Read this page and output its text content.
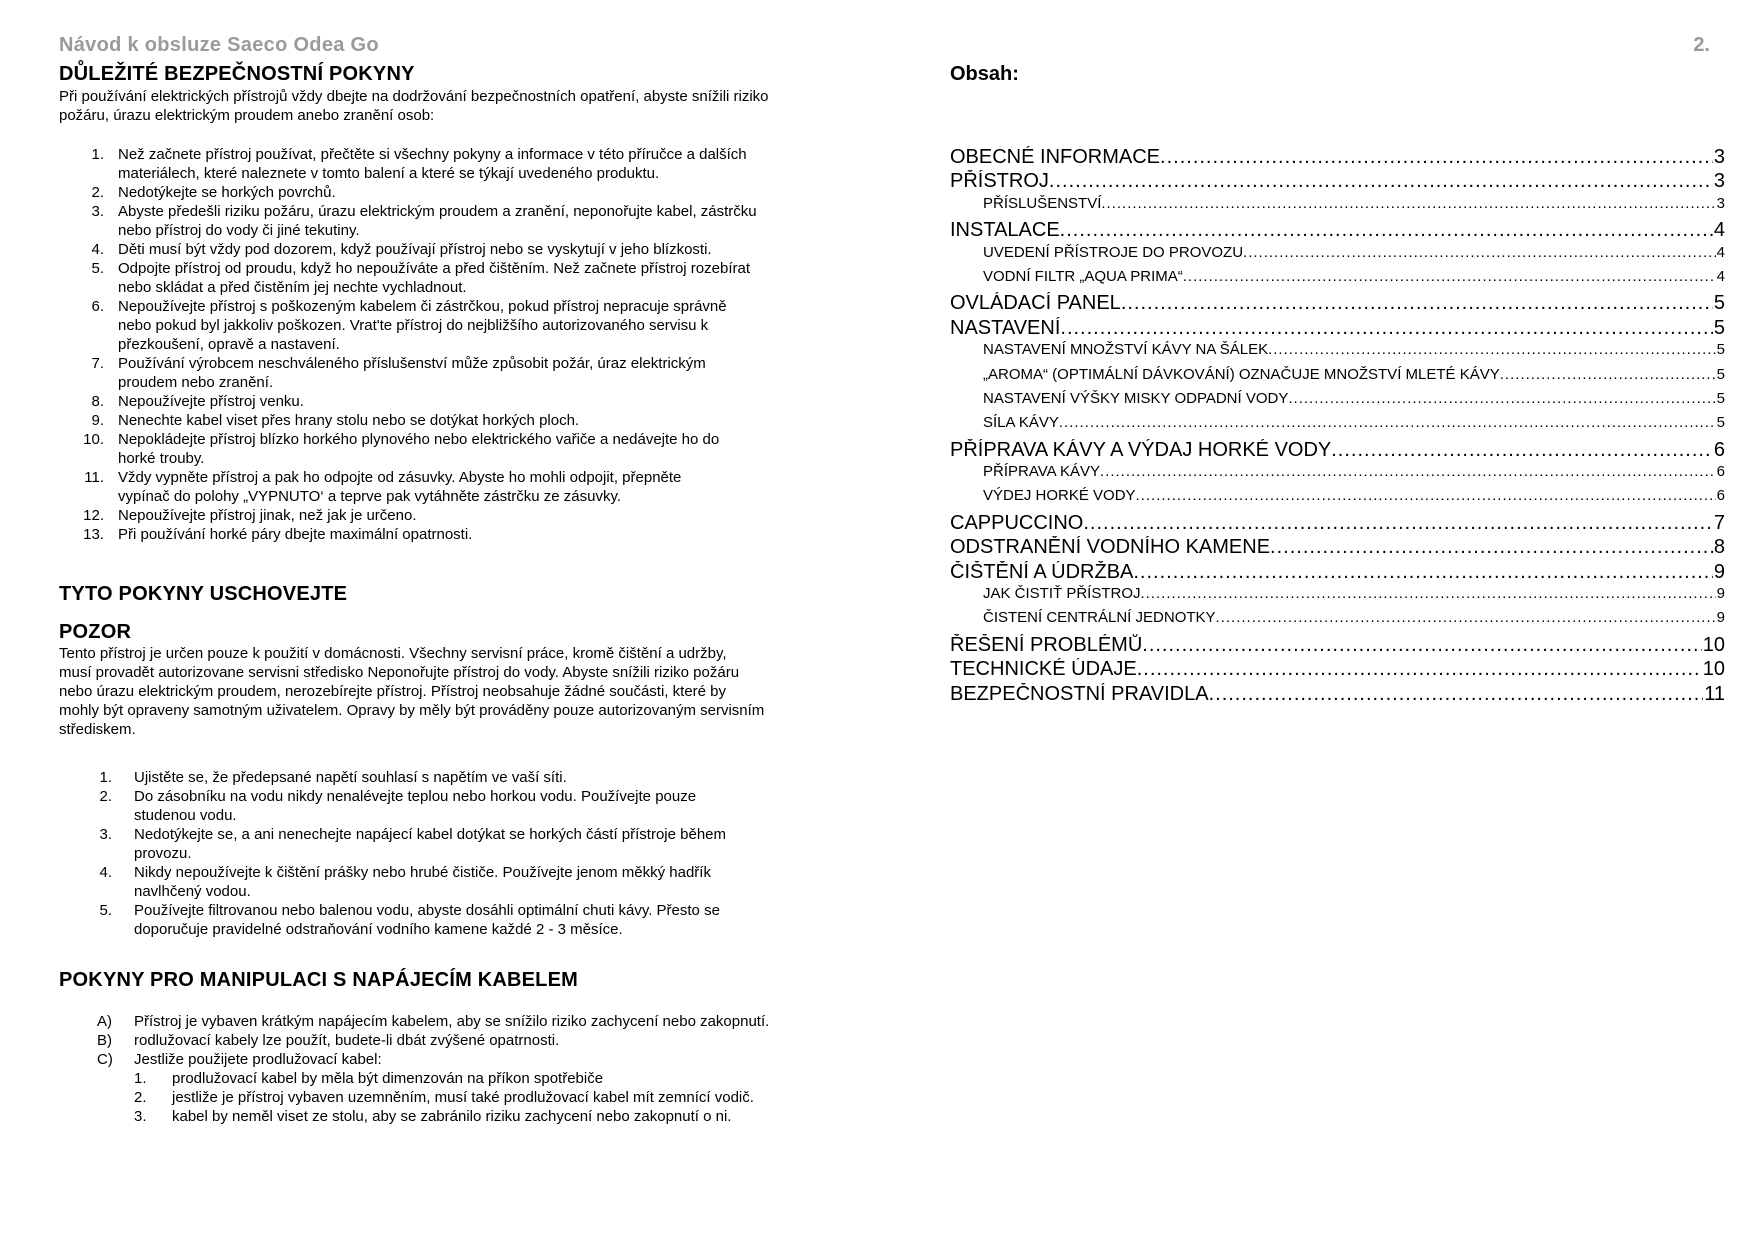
Návod k obsluze Saeco Odea Go	2.
DŮLEŽITÉ BEZPEČNOSTNÍ POKYNY

Při používání elektrických přístrojů vždy dbejte na dodržování bezpečnostních opatření, abyste snížili riziko
požáru, úrazu elektrickým proudem anebo zranění osob:

1. Než začnete přístroj používat, přečtěte si všechny pokyny a informace v této příručce a dalších
materiálech, které naleznete v tomto balení a které se týkají uvedeného produktu.
2. Nedotýkejte se horkých povrchů.
3. Abyste předešli riziku požáru, úrazu elektrickým proudem a zranění, neponořujte kabel, zástrčku
nebo přístroj do vody či jiné tekutiny.
4. Děti musí být vždy pod dozorem, když používají přístroj nebo se vyskytují v jeho blízkosti.
5. Odpojte přístroj od proudu, když ho nepoužíváte a před čištěním. Než začnete přístroj rozebírat
nebo skládat a před čistěním jej nechte vychladnout.
6. Nepoužívejte přístroj s poškozeným kabelem či zástrčkou, pokud přístroj nepracuje správně
nebo pokud byl jakkoliv poškozen. Vrat'te přístroj do nejbližšího autorizovaného servisu k
přezkoušení, opravě a nastavení.
7. Používání výrobcem neschváleného příslušenství může způsobit požár, úraz elektrickým
proudem nebo zranění.
8. Nepoužívejte přístroj venku.
9. Nenechte kabel viset přes hrany stolu nebo se dotýkat horkých ploch.
10. Nepokládejte přístroj blízko horkého plynového nebo elektrického vařiče a nedávejte ho do
horké trouby.
11. Vždy vypněte přístroj a pak ho odpojte od zásuvky. Abyste ho mohli odpojit, přepněte
vypínač do polohy „VYPNUTO‘ a teprve pak vytáhněte zástrčku ze zásuvky.
12. Nepoužívejte přístroj jinak, než jak je určeno.
13. Při používání horké páry dbejte maximální opatrnosti.
TYTO POKYNY USCHOVEJTE
POZOR
Tento přístroj je určen pouze k použití v domácnosti. Všechny servisní práce, kromě čištění a udržby,
musí provadět autorizovane servisni středisko Neponořujte přístroj do vody. Abyste snížili riziko požáru
nebo úrazu elektrickým proudem, nerozebírejte přístroj. Přístroj neobsahuje žádné součásti, které by
mohly být opraveny samotným uživatelem. Opravy by měly být prováděny pouze autorizovaným servisním
střediskem.
1. Ujistěte se, že předepsané napětí souhlasí s napětím ve vaší síti.
2. Do zásobníku na vodu nikdy nenalévejte teplou nebo horkou vodu. Používejte pouze
studenou vodu.
3. Nedotýkejte se, a ani nenechejte napájecí kabel dotýkat se horkých částí přístroje během
provozu.
4. Nikdy nepoužívejte k čištění prášky nebo hrubé čističe. Používejte jenom měkký hadřík
navlhčený vodou.
5. Používejte filtrovanou nebo balenou vodu, abyste dosáhli optimální chuti kávy. Přesto se
doporučuje pravidelné odstraňování vodního kamene každé 2 - 3 měsíce.
POKYNY PRO MANIPULACI S NAPÁJECÍM KABELEM
A) Přístroj je vybaven krátkým napájecím kabelem, aby se snížilo riziko zachycení nebo zakopnutí.
B) rodlužovací kabely lze použít, budete-li dbát zvýšené opatrnosti.
C) Jestliže použijete prodlužovací kabel:
1. prodlužovací kabel by měla být dimenzován na příkon spotřebiče
2. jestliže je přístroj vybaven uzemněním, musí také prodlužovací kabel mít zemnící vodič.
3. kabel by neměl viset ze stolu, aby se zabránilo riziku zachycení nebo zakopnutí o ni.
Obsah:
OBECNÉ INFORMACE .....	3
PŘÍSTROJ .....	3
PŘÍSLUŠENSTVÍ .....	3
INSTALACE .....	4
UVEDENÍ PŘÍSTROJE DO PROVOZU .....	4
VODNÍ FILTR „AQUA PRIMA“ .....	4
OVLÁDACÍ PANEL .....	5
NASTAVENÍ .....	5
NASTAVENÍ MNOŽSTVÍ KÁVY NA ŠÁLEK .....	5
„AROMA“ (OPTIMÁLNÍ DÁVKOVÁNÍ) OZNAČUJE MNOŽSTVÍ MLETÉ KÁVY .....	5
NASTAVENÍ VÝŠKY MISKY ODPADNÍ VODY .....	5
SÍLA KÁVY .....	5
PŘÍPRAVA KÁVY A VÝDAJ HORKÉ VODY .....	6
PŘÍPRAVA KÁVY .....	6
VÝDEJ HORKÉ VODY .....	6
CAPPUCCINO .....	7
ODSTRANĚNÍ VODNÍHO KAMENE .....	8
ČIŠTĚNÍ A ÚDRŽBA .....	9
JAK ČISTIŤ PŘÍSTROJ .....	9
ČISTENÍ CENTRÁLNÍ JEDNOTKY .....	9
ŘEŠENÍ PROBLÉMŮ .....	10
TECHNICKÉ ÚDAJE .....	10
BEZPEČNOSTNÍ PRAVIDLA .....	11
